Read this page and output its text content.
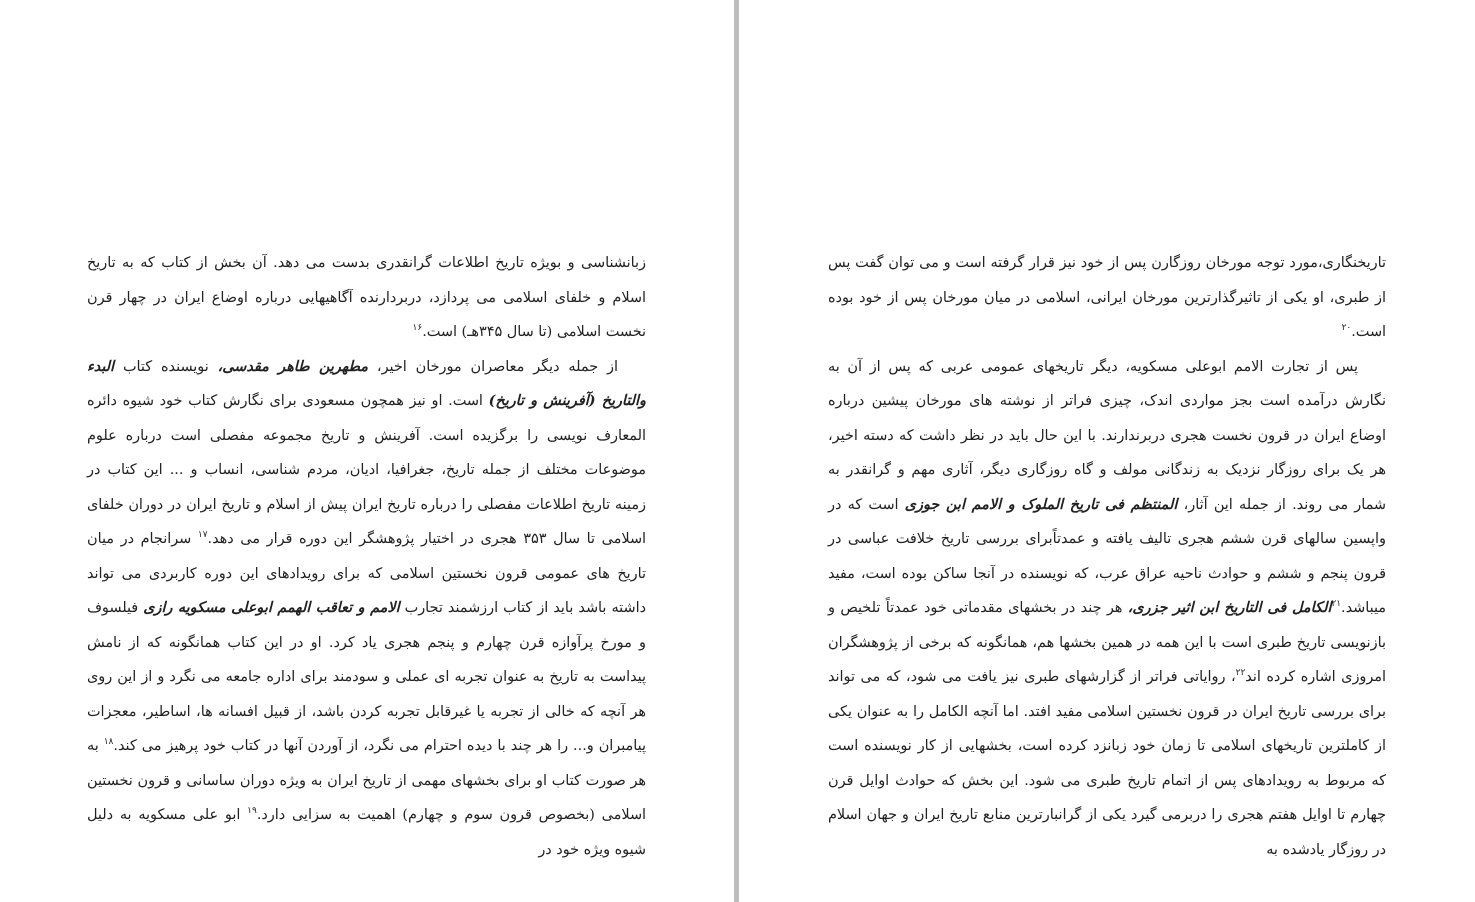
زبانشناسی و بویژه تاریخ اطلاعات گرانقدری بدست می دهد. آن بخش از کتاب که به تاریخ اسلام و خلفای اسلامی می پردازد، دربردارنده آگاهیهایی درباره اوضاع ایران در چهار قرن نخست اسلامی (تا سال ۳۴۵هـ) است.$^{۱۶}$

از جمله دیگر معاصران مورخان اخیر، مطهرین طاهر مقدسی، نویسنده کتاب البدء والتاریخ (آفرینش و تاریخ) است. او نیز همچون مسعودی برای نگارش کتاب خود شیوه دائره المعارف نویسی را برگزیده است. آفرینش و تاریخ مجموعه مفصلی است درباره علوم موضوعات مختلف از جمله تاریخ، جغرافیا، ادیان، مردم شناسی، انساب و ... این کتاب در زمینه تاریخ اطلاعات مفصلی را درباره تاریخ ایران پیش از اسلام و تاریخ ایران در دوران خلفای اسلامی تا سال ۳۵۳ هجری در اختیار پژوهشگر این دوره قرار می دهد.$^{۱۷}$ سرانجام در میان تاریخ های عمومی قرون نخستین اسلامی که برای رویدادهای این دوره کاربردی می تواند داشته باشد باید از کتاب ارزشمند تجارب الامم و تعاقب الهمم ابوعلی مسکویه رازی فیلسوف و مورخ پرآوازه قرن چهارم و پنجم هجری یاد کرد. او در این کتاب همانگونه که از نامش پیداست به تاریخ به عنوان تجربه ای عملی و سودمند برای اداره جامعه می نگرد و از این روی هر آنچه که خالی از تجربه یا غیرقابل تجربه کردن باشد، از قبیل افسانه ها، اساطیر، معجزات پیامبران و... را هر چند با دیده احترام می نگرد، از آوردن آنها در کتاب خود پرهیز می کند.$^{۱۸}$ به هر صورت کتاب او برای بخشهای مهمی از تاریخ ایران به ویژه دوران ساسانی و قرون نخستین اسلامی (بخصوص قرون سوم و چهارم) اهمیت به سزایی دارد.$^{۱۹}$ ابو علی مسکویه به دلیل شیوه ویژه خود در

تاریخنگاری،مورد توجه مورخان روزگارن پس از خود نیز قرار گرفته است و می توان گفت پس از طبری، او یکی از تاثیرگذارترین مورخان ایرانی، اسلامی در میان مورخان پس از خود بوده است.$^{۲۰}$

پس از تجارت الامم ابوعلی مسکویه، دیگر تاریخهای عمومی عربی که پس از آن به نگارش درآمده است بجز مواردی اندک، چیزی فراتر از نوشته های مورخان پیشین درباره اوضاع ایران در قرون نخست هجری دربرندارند. با این حال باید در نظر داشت که دسته اخیر، هر یک برای روزگار نزدیک به زندگانی مولف و گاه روزگاری دیگر، آثاری مهم و گرانقدر به شمار می روند. از جمله این آثار، المنتظم فی تاریخ الملوک و الامم ابن جوزی است که در واپسین سالهای قرن ششم هجری تالیف یافته و عمدتاًبرای بررسی تاریخ خلافت عباسی در قرون پنجم و ششم و حوادث ناحیه عراق عرب، که نویسنده در آنجا ساکن بوده است، مفید میباشد.$^{۲۱}$الکامل فی التاریخ ابن اثیر جزری، هر چند در بخشهای مقدماتی خود عمدتاً تلخیص و بازنویسی تاریخ طبری است با این همه در همین بخشها هم، همانگونه که برخی از پژوهشگران امروزی اشاره کرده اند$^{۲۲}$، روایاتی فراتر از گزارشهای طبری نیز یافت می شود، که می تواند برای بررسی تاریخ ایران در قرون نخستین اسلامی مفید افتد. اما آنچه الکامل را به عنوان یکی از کاملترین تاریخهای اسلامی تا زمان خود زبانزد کرده است، بخشهایی از کار نویسنده است که مربوط به رویدادهای پس از اتمام تاریخ طبری می شود. این بخش که حوادث اوایل قرن چهارم تا اوایل هفتم هجری را دربرمی گیرد یکی از گرانبارترین منابع تاریخ ایران و جهان اسلام در روزگار یادشده به
